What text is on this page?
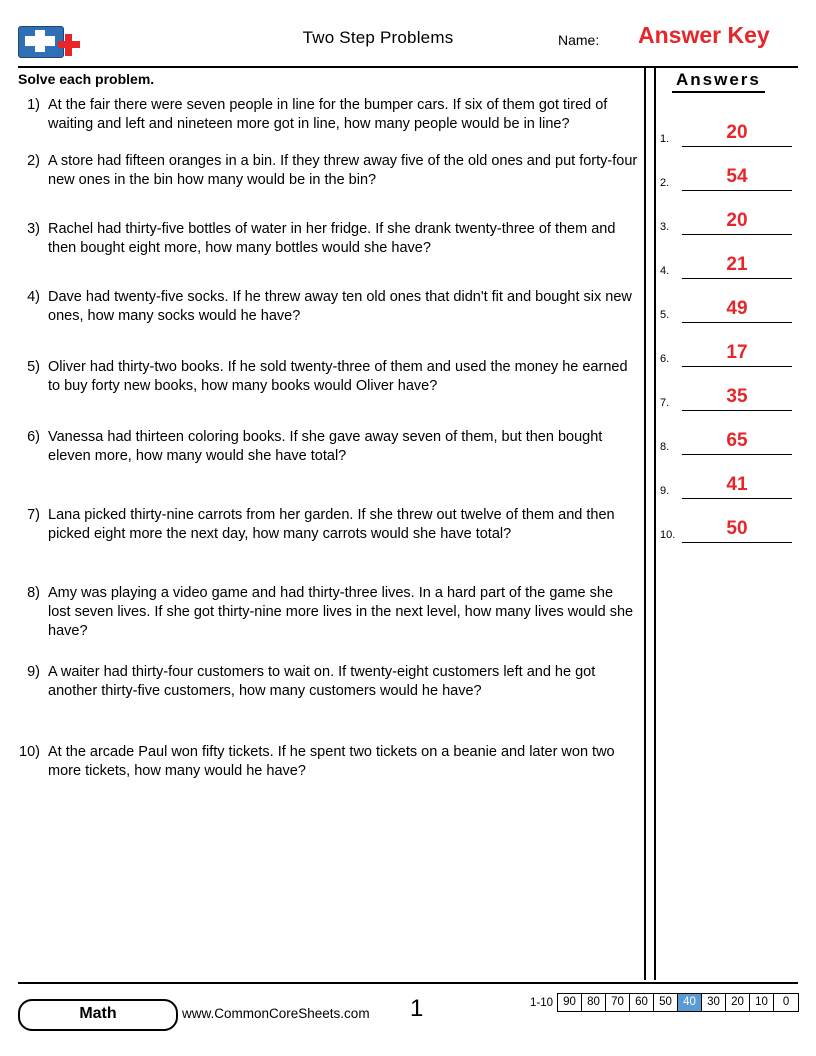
Two Step Problems	Name: Answer Key
Solve each problem.
1) At the fair there were seven people in line for the bumper cars. If six of them got tired of waiting and left and nineteen more got in line, how many people would be in line?
2) A store had fifteen oranges in a bin. If they threw away five of the old ones and put forty-four new ones in the bin how many would be in the bin?
3) Rachel had thirty-five bottles of water in her fridge. If she drank twenty-three of them and then bought eight more, how many bottles would she have?
4) Dave had twenty-five socks. If he threw away ten old ones that didn't fit and bought six new ones, how many socks would he have?
5) Oliver had thirty-two books. If he sold twenty-three of them and used the money he earned to buy forty new books, how many books would Oliver have?
6) Vanessa had thirteen coloring books. If she gave away seven of them, but then bought eleven more, how many would she have total?
7) Lana picked thirty-nine carrots from her garden. If she threw out twelve of them and then picked eight more the next day, how many carrots would she have total?
8) Amy was playing a video game and had thirty-three lives. In a hard part of the game she lost seven lives. If she got thirty-nine more lives in the next level, how many lives would she have?
9) A waiter had thirty-four customers to wait on. If twenty-eight customers left and he got another thirty-five customers, how many customers would he have?
10) At the arcade Paul won fifty tickets. If he spent two tickets on a beanie and later won two more tickets, how many would he have?
Answers
1.	20
2.	54
3.	20
4.	21
5.	49
6.	17
7.	35
8.	65
9.	41
10.	50
Math	www.CommonCoreSheets.com 1	1-10 90 80 70 60 50 40 30 20 10	0
